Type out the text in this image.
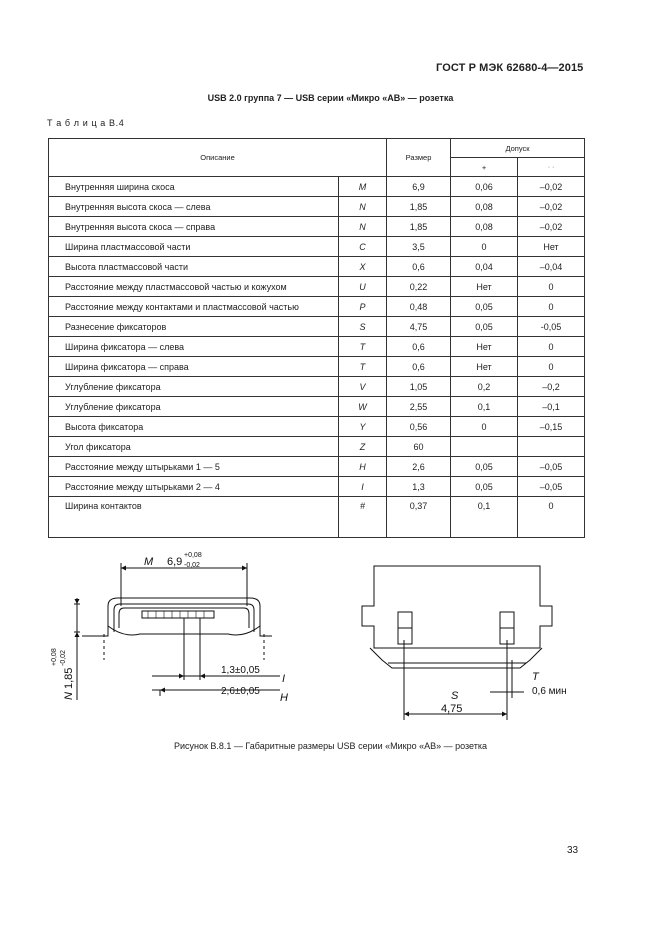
ГОСТ Р МЭК 62680-4—2015
USB 2.0 группа 7 — USB серии «Микро «АВ» — розетка
Т а б л и ц а В.4
Описание		Размер	Допуск	
			+	· ·
Внутренняя ширина скоса	M	6,9	0,06	–0,02
Внутренняя высота скоса — слева	N	1,85	0,08	–0,02
Внутренняя высота скоса — справа	N	1,85	0,08	–0,02
Ширина пластмассовой части	C	3,5	0	Нет
Высота пластмассовой части	X	0,6	0,04	–0,04
Расстояние между пластмассовой частью и кожухом	U	0,22	Нет	0
Расстояние между контактами и пластмассовой частью	P	0,48	0,05	0
Разнесение фиксаторов	S	4,75	0,05	-0,05
Ширина фиксатора — слева	T	0,6	Нет	0
Ширина фиксатора — справа	T	0,6	Нет	0
Углубление фиксатора	V	1,05	0,2	–0,2
Углубление фиксатора	W	2,55	0,1	–0,1
Высота фиксатора	Y	0,56	0	–0,15
Угол фиксатора	Z	60		
Расстояние между штырьками 1 — 5	H	2,6	0,05	–0,05
Расстояние между штырьками 2 — 4	I	1,3	0,05	–0,05
Ширина контактов	#	0,37	0,1	0
M 6,9
+0,08
-0,02
N
1,85
+0,08 -0,02
1,3±0,05
I
2,6±0,05
H	S
4,75
T
0,6 мин
Рисунок В.8.1 — Габаритные размеры USB серии «Микро «АВ» — розетка
33
